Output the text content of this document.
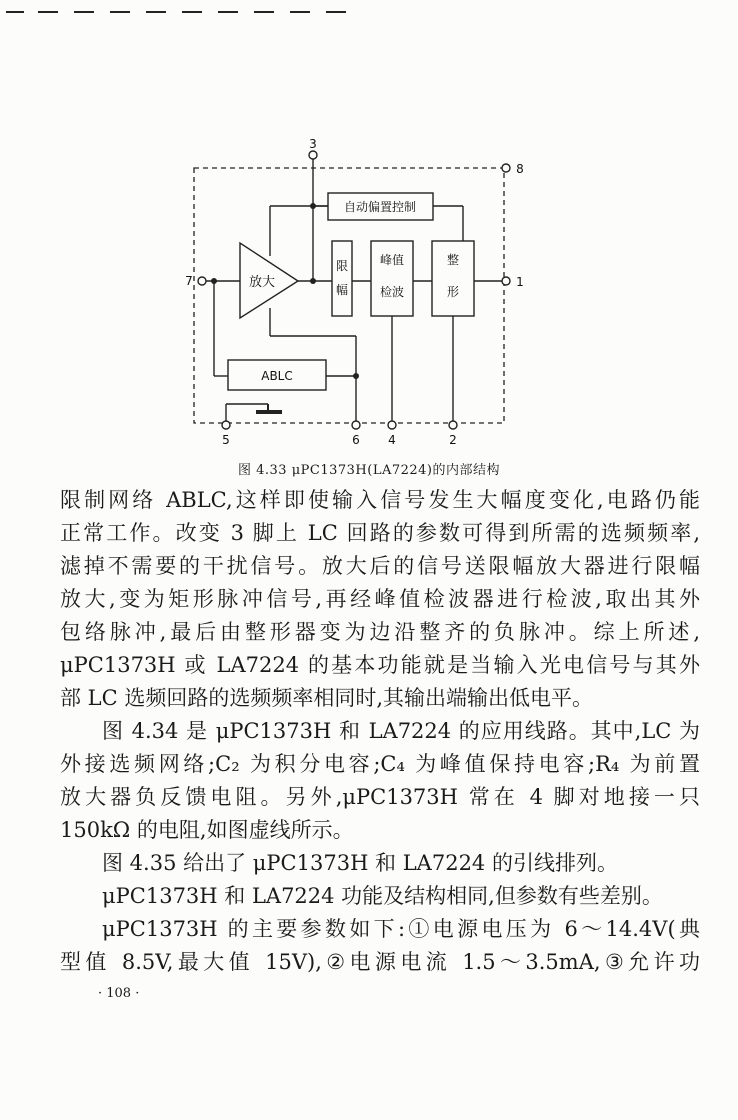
自动偏置控制
放大
限
幅
峰值
检波
整
形
ABLC
3
8
7	1
5	6 4	2
图 4.33 μPC1373H(LA7224)的内部结构

限制网络 ABLC,这样即使输入信号发生大幅度变化,电路仍能
正常工作。改变 3 脚上 LC 回路的参数可得到所需的选频频率,
滤掉不需要的干扰信号。放大后的信号送限幅放大器进行限幅
放大,变为矩形脉冲信号,再经峰值检波器进行检波,取出其外
包络脉冲,最后由整形器变为边沿整齐的负脉冲。综上所述,
μPC1373H 或 LA7224 的基本功能就是当输入光电信号与其外
部 LC 选频回路的选频频率相同时,其输出端输出低电平。

图 4.34 是 μPC1373H 和 LA7224 的应用线路。其中,LC 为
外接选频网络;C₂ 为积分电容;C₄ 为峰值保持电容;R₄ 为前置
放大器负反馈电阻。另外,μPC1373H 常在 4 脚对地接一只
150kΩ 的电阻,如图虚线所示。

图 4.35 给出了 μPC1373H 和 LA7224 的引线排列。

μPC1373H 和 LA7224 功能及结构相同,但参数有些差别。

μPC1373H 的主要参数如下:①电源电压为 6～14.4V(典
型值 8.5V,最大值 15V),②电源电流 1.5～3.5mA,③允许功

· 108 ·
